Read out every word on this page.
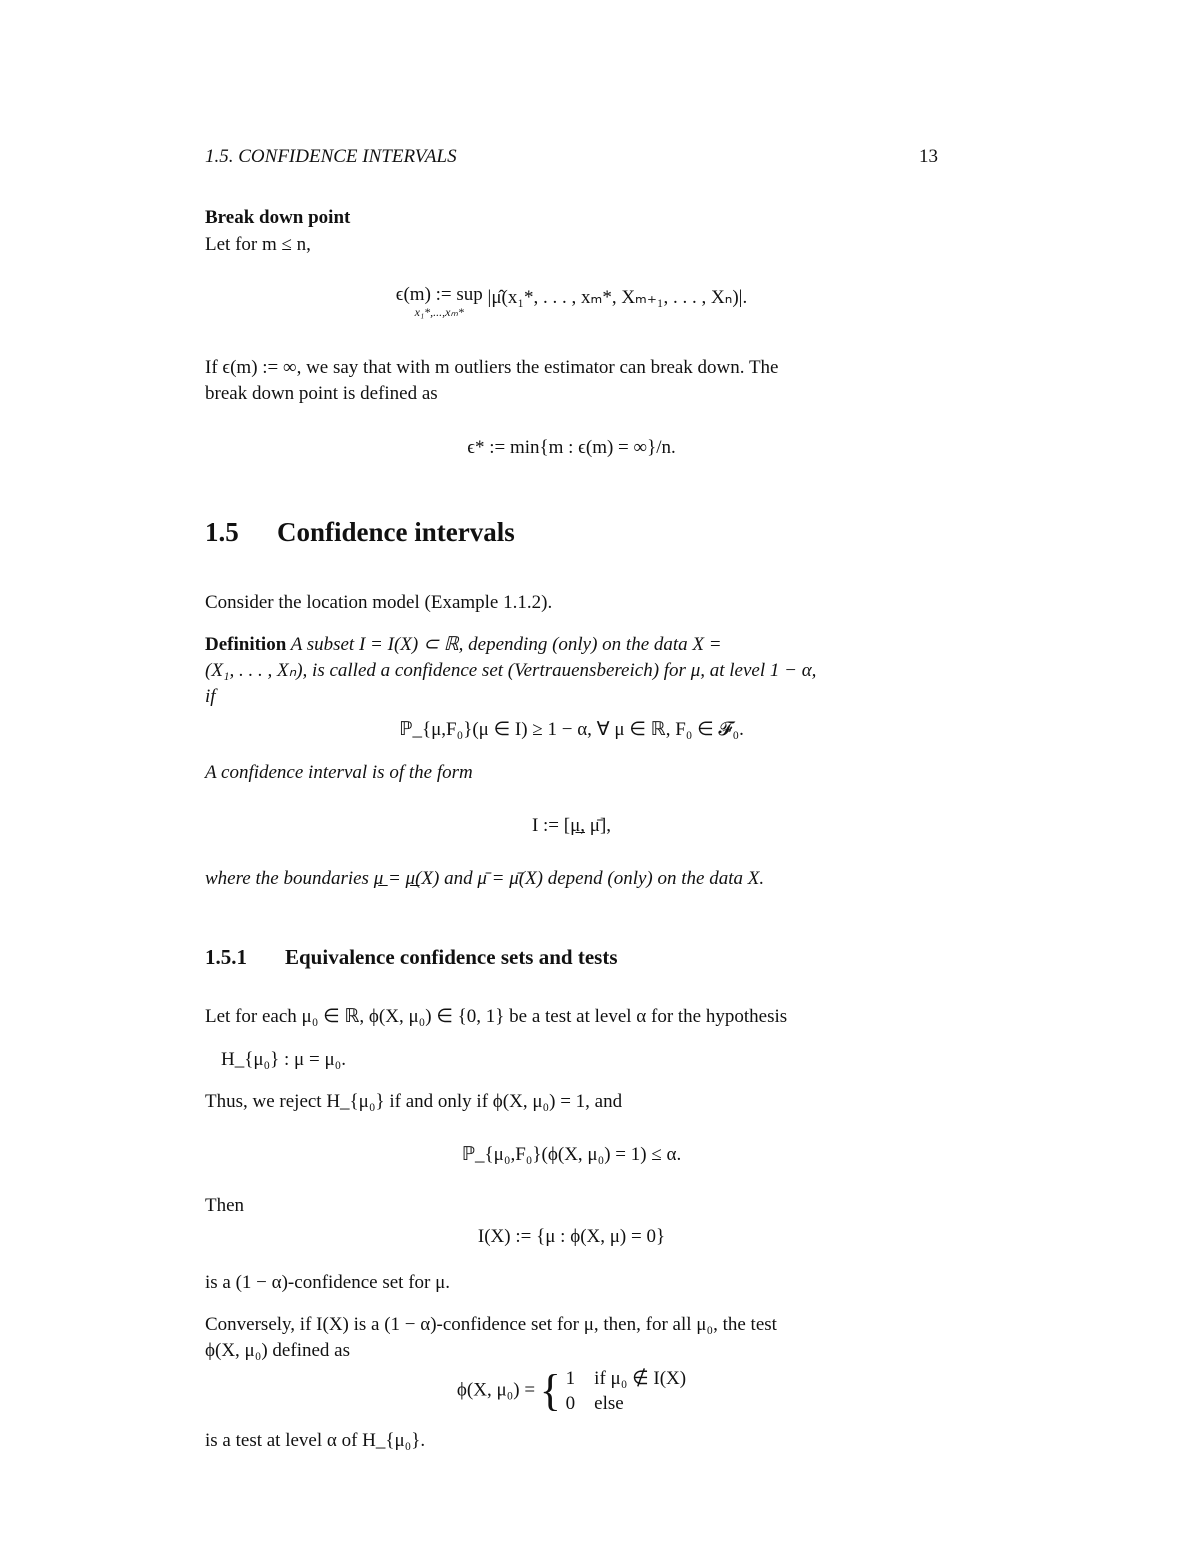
1.5. CONFIDENCE INTERVALS	13
Break down point
Let for m ≤ n,
ϵ(m) := sup
x₁*,...,xₘ*
|μ̂(x₁*, . . . , xₘ*, Xₘ₊₁, . . . , Xₙ)|.
If ϵ(m) := ∞, we say that with m outliers the estimator can break down. The
break down point is defined as
ϵ* := min{m : ϵ(m) = ∞}/n.
1.5 Confidence intervals
Consider the location model (Example 1.1.2).
Definition A subset I = I(X) ⊂ ℝ, depending (only) on the data X =
(X₁, . . . , Xₙ), is called a confidence set (Vertrauensbereich) for μ, at level 1 − α,
if
ℙ_{μ,F₀}(μ ∈ I) ≥ 1 − α, ∀ μ ∈ ℝ, F₀ ∈ 𝓕₀.
A confidence interval is of the form
I := [μ̲, μ̄],
where the boundaries μ̲ = μ̲(X) and μ̄ = μ̄(X) depend (only) on the data X.
1.5.1 Equivalence confidence sets and tests
Let for each μ₀ ∈ ℝ, ϕ(X, μ₀) ∈ {0, 1} be a test at level α for the hypothesis
H_{μ₀} : μ = μ₀.
Thus, we reject H_{μ₀} if and only if ϕ(X, μ₀) = 1, and
ℙ_{μ₀,F₀}(ϕ(X, μ₀) = 1) ≤ α.
Then
I(X) := {μ : ϕ(X, μ) = 0}
is a (1 − α)-confidence set for μ.
Conversely, if I(X) is a (1 − α)-confidence set for μ, then, for all μ₀, the test
ϕ(X, μ₀) defined as
ϕ(X, μ₀) = { 1 if μ₀ ∉ I(X)
0 else
is a test at level α of H_{μ₀}.
